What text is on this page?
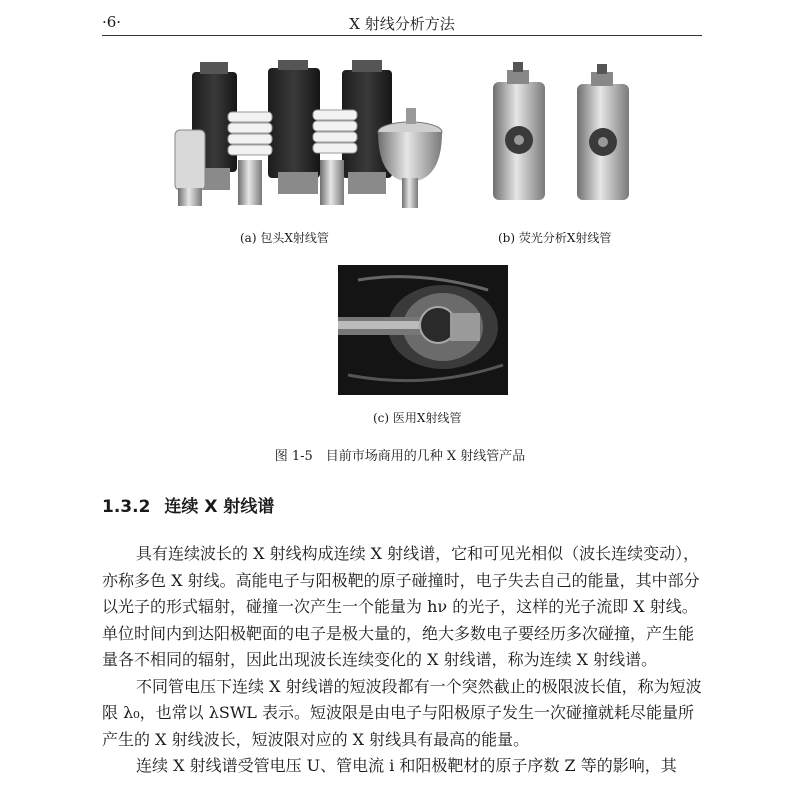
·6·	X 射线分析方法
(a) 包头X射线管	(b) 荧光分析X射线管
(c) 医用X射线管
图 1-5　目前市场商用的几种 X 射线管产品
1.3.2 连续 X 射线谱

具有连续波长的 X 射线构成连续 X 射线谱，它和可见光相似（波长连续变动），亦称多色 X 射线。高能电子与阳极靶的原子碰撞时，电子失去自己的能量，其中部分以光子的形式辐射，碰撞一次产生一个能量为 hν 的光子，这样的光子流即 X 射线。单位时间内到达阳极靶面的电子是极大量的，绝大多数电子要经历多次碰撞，产生能量各不相同的辐射，因此出现波长连续变化的 X 射线谱，称为连续 X 射线谱。

不同管电压下连续 X 射线谱的短波段都有一个突然截止的极限波长值，称为短波限 λ₀，也常以 λSWL 表示。短波限是由电子与阳极原子发生一次碰撞就耗尽能量所产生的 X 射线波长，短波限对应的 X 射线具有最高的能量。

连续 X 射线谱受管电压 U、管电流 i 和阳极靶材的原子序数 Z 等的影响，其
